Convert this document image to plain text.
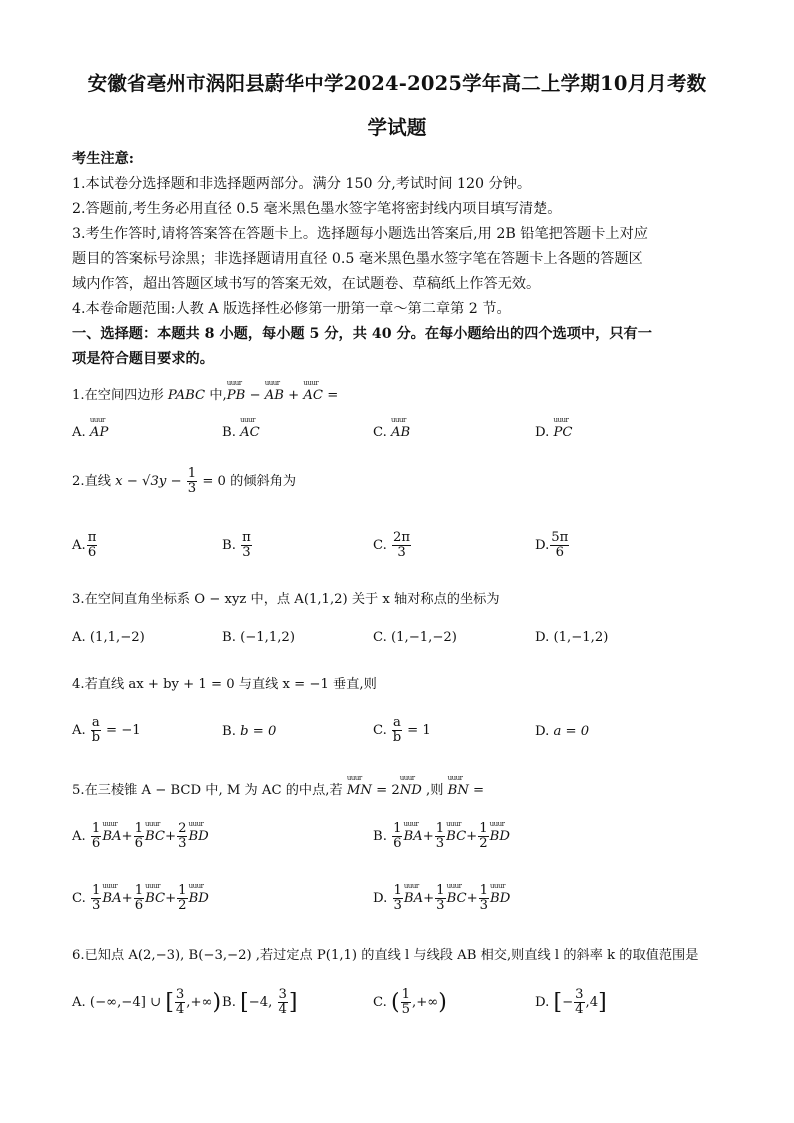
安徽省亳州市涡阳县蔚华中学2024-2025学年高二上学期10月月考数
学试题
考生注意:
1.本试卷分选择题和非选择题两部分。满分 150 分,考试时间 120 分钟。
2.答题前,考生务必用直径 0.5 毫米黑色墨水签字笔将密封线内项目填写清楚。
3.考生作答时,请将答案答在答题卡上。选择题每小题选出答案后,用 2B 铅笔把答题卡上对应
题目的答案标号涂黑；非选择题请用直径 0.5 毫米黑色墨水签字笔在答题卡上各题的答题区
域内作答，超出答题区域书写的答案无效，在试题卷、草稿纸上作答无效。
4.本卷命题范围:人教 A 版选择性必修第一册第一章～第二章第 2 节。
一、选择题：本题共 8 小题，每小题 5 分，共 40 分。在每小题给出的四个选项中，只有一
项是符合题目要求的。
1.在空间四边形 PABC 中,uuur PB − uuur AB + uuur AC =
A. uuur AP	B. uuur AC	C. uuur AB	D. uuur PC
2.直线 $x - √3y - \frac{1}{3} = 0$ 的倾斜角为
A. $\frac{\pi}{6}$	B. $\frac{\pi}{3}$	C. $\frac{2\pi}{3}$	D. $\frac{5\pi}{6}$
3.在空间直角坐标系 O − xyz 中，点 A(1,1,2) 关于 x 轴对称点的坐标为
A. (1,1,−2)	B. (−1,1,2)	C. (1,−1,−2)	D. (1,−1,2)
4.若直线 ax + by + 1 = 0 与直线 x = −1 垂直,则
A. $\frac{a}{b} = -1$	B. b = 0	C. $\frac{a}{b} = 1$	D. a = 0
5.在三棱锥 A − BCD 中, M 为 AC 的中点,若 uuur MN = 2uuur ND ,则 uuur BN =
A. $\frac{1}{6}$ uuur $BA+ \frac{1}{6}$ uuur $BC+ \frac{2}{3}$ uuur BD	B. $\frac{1}{6}$ uuur $BA+ \frac{1}{3}$ uuur $BC+ \frac{1}{2}$ uuur BD
C. $\frac{1}{3}$ uuur $BA+ \frac{1}{6}$ uuur $BC+ \frac{1}{2}$ uuur BD	D. $\frac{1}{3}$ uuur $BA+ \frac{1}{3}$ uuur $BC+ \frac{1}{3}$ uuur BD
6.已知点 A(2,−3), B(−3,−2) ,若过定点 P(1,1) 的直线 l 与线段 AB 相交,则直线 l 的斜率 k 的取值范围是
A. (−∞,−4] ∪ [ $\frac{3}{4}$ ,+∞) B. [−4, $\frac{3}{4}$ ]	C. ( $\frac{1}{5}$ ,+∞)	D. [− $\frac{3}{4} ,4$]
